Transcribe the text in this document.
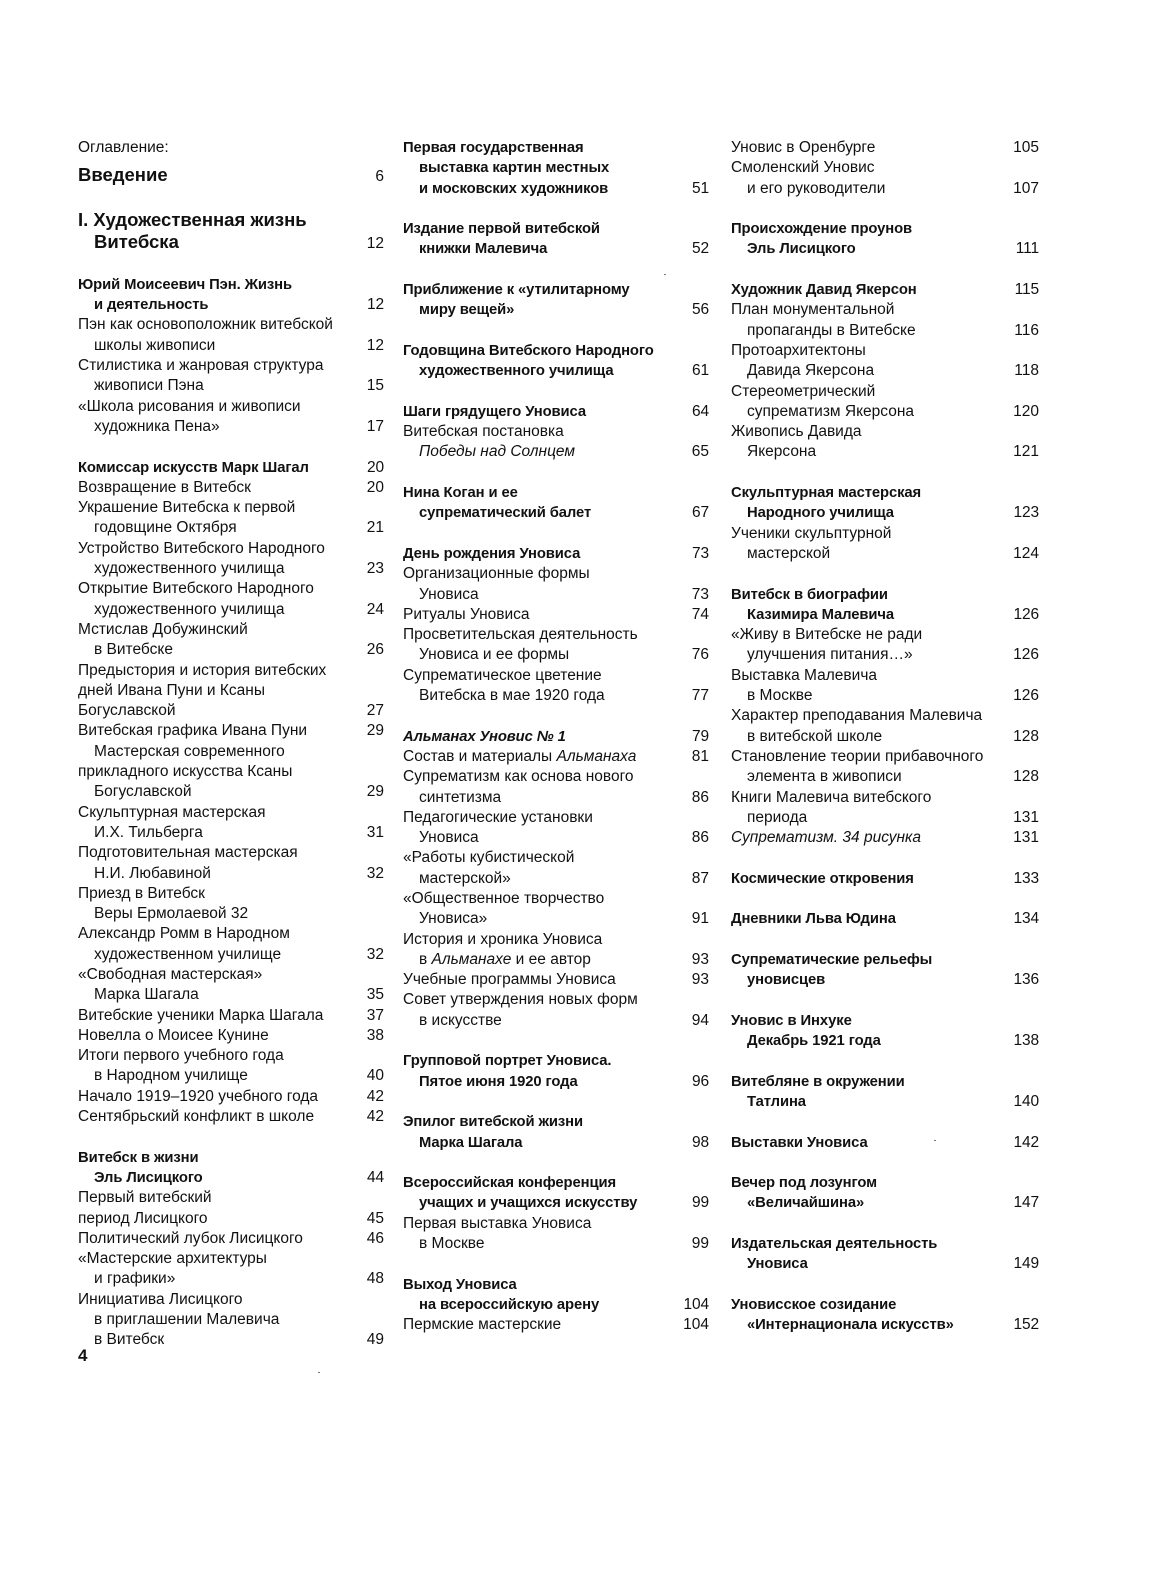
Оглавление:
Введение	6
I. Художественная жизнь
Витебска	12
Юрий Моисеевич Пэн. Жизнь
и деятельность	12
Пэн как основоположник витебской
школы живописи	12
Стилистика и жанровая структура
живописи Пэна	15
«Школа рисования и живописи
художника Пена»	17
Комиссар искусств Марк Шагал	20
Возвращение в Витебск	20
Украшение Витебска к первой
годовщине Октября	21
Устройство Витебского Народного
художественного училища	23
Открытие Витебского Народного
художественного училища	24
Мстислав Добужинский
в Витебске	26
Предыстория и история витебских
дней Ивана Пуни и Ксаны
Богуславской	27
Витебская графика Ивана Пуни	29
Мастерская современного
прикладного искусства Ксаны
Богуславской	29
Скульптурная мастерская
И.Х. Тильберга	31
Подготовительная мастерская
Н.И. Любавиной	32
Приезд в Витебск
Веры Ермолаевой 32
Александр Ромм в Народном
художественном училище	32
«Свободная мастерская»
Марка Шагала	35
Витебские ученики Марка Шагала	37
Новелла о Моисее Кунине	38
Итоги первого учебного года
в Народном училище	40
Начало 1919–1920 учебного года	42
Сентябрьский конфликт в школе	42
Витебск в жизни
Эль Лисицкого	44
Первый витебский
период Лисицкого	45
Политический лубок Лисицкого	46
«Мастерские архитектуры
и графики»	48
Инициатива Лисицкого
в приглашении Малевича
в Витебск	49
Первая государственная
выставка картин местных
и московских художников	51
Издание первой витебской
книжки Малевича	52
Приближение к «утилитарному
миру вещей»	56
Годовщина Витебского Народного
художественного училища	61
Шаги грядущего Уновиса	64
Витебская постановка
Победы над Солнцем	65
Нина Коган и ее
супрематический балет	67
День рождения Уновиса	73
Организационные формы
Уновиса	73
Ритуалы Уновиса	74
Просветительская деятельность
Уновиса и ее формы	76
Супрематическое цветение
Витебска в мае 1920 года	77
Альманах Уновис № 1	79
Состав и материалы Альманаха	81
Супрематизм как основа нового
синтетизма	86
Педагогические установки
Уновиса	86
«Работы кубистической
мастерской»	87
«Общественное творчество
Уновиса»	91
История и хроника Уновиса
в Альманахе и ее автор	93
Учебные программы Уновиса	93
Совет утверждения новых форм
в искусстве	94
Групповой портрет Уновиса.
Пятое июня 1920 года	96
Эпилог витебской жизни
Марка Шагала	98
Всероссийская конференция
учащих и учащихся искусству	99
Первая выставка Уновиса
в Москве	99
Выход Уновиса
на всероссийскую арену	104
Пермские мастерские	104
Уновис в Оренбурге	105
Смоленский Уновис
и его руководители	107
Происхождение проунов
Эль Лисицкого	111
Художник Давид Якерсон	115
План монументальной
пропаганды в Витебске	116
Протоархитектоны
Давида Якерсона	118
Стереометрический
супрематизм Якерсона	120
Живопись Давида
Якерсона	121
Скульптурная мастерская
Народного училища	123
Ученики скульптурной
мастерской	124
Витебск в биографии
Казимира Малевича	126
«Живу в Витебске не ради
улучшения питания…»	126
Выставка Малевича
в Москве	126
Характер преподавания Малевича
в витебской школе	128
Становление теории прибавочного
элемента в живописи	128
Книги Малевича витебского
периода	131
Супрематизм. 34 рисунка	131
Космические откровения	133
Дневники Льва Юдина	134
Супрематические рельефы
уновисцев	136
Уновис в Инхуке
Декабрь 1921 года	138
Витебляне в окружении
Татлина	140
Выставки Уновиса	142
Вечер под лозунгом
«Величайшина»	147
Издательская деятельность
Уновиса	149
Уновисское созидание
«Интернационала искусств»	152
4
